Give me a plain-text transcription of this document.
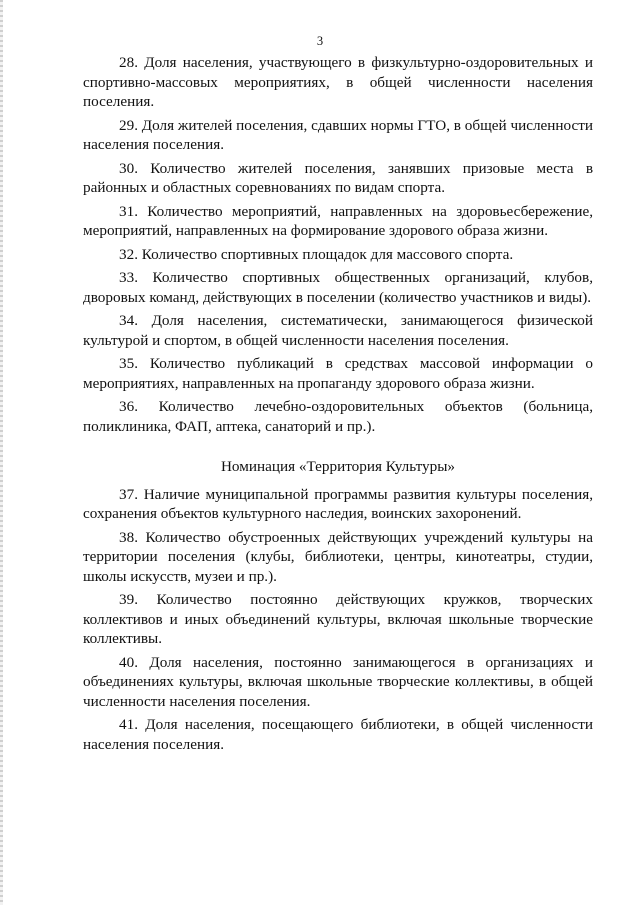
3

28. Доля населения, участвующего в физкультурно-оздоровительных и спортивно-массовых мероприятиях, в общей численности населения поселения.

29. Доля жителей поселения, сдавших нормы ГТО, в общей численности населения поселения.

30. Количество жителей поселения, занявших призовые места в районных и областных соревнованиях по видам спорта.

31. Количество мероприятий, направленных на здоровьесбережение, мероприятий, направленных на формирование здорового образа жизни.

32. Количество спортивных площадок для массового спорта.

33. Количество спортивных общественных организаций, клубов, дворовых команд, действующих в поселении (количество участников и виды).

34. Доля населения, систематически, занимающегося физической культурой и спортом, в общей численности населения поселения.

35. Количество публикаций в средствах массовой информации о мероприятиях, направленных на пропаганду здорового образа жизни.

36. Количество лечебно-оздоровительных объектов (больница, поликлиника, ФАП, аптека, санаторий и пр.).

Номинация «Территория Культуры»

37. Наличие муниципальной программы развития культуры поселения, сохранения объектов культурного наследия, воинских захоронений.

38. Количество обустроенных действующих учреждений культуры на территории поселения (клубы, библиотеки, центры, кинотеатры, студии, школы искусств, музеи и пр.).

39. Количество постоянно действующих кружков, творческих коллективов и иных объединений культуры, включая школьные творческие коллективы.

40. Доля населения, постоянно занимающегося в организациях и объединениях культуры, включая школьные творческие коллективы, в общей численности населения поселения.

41. Доля населения, посещающего библиотеки, в общей численности населения поселения.
